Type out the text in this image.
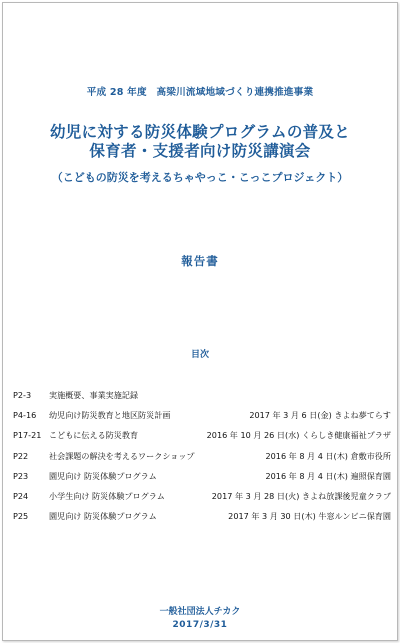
平成 28 年度　高梁川流域地域づくり連携推進事業
幼児に対する防災体験プログラムの普及と
保育者・支援者向け防災講演会
（こどもの防災を考えるちゃやっこ・こっこプロジェクト）
報告書
目次
P2-3 実施概要、事業実施記録
P4-16 幼児向け防災教育と地区防災計画	2017 年 3 月 6 日(金) きよね夢てらす
P17-21 こどもに伝える防災教育	2016 年 10 月 26 日(水) くらしき健康福祉プラザ
P22	社会課題の解決を考えるワークショップ	2016 年 8 月 4 日(木) 倉敷市役所
P23	園児向け 防災体験プログラム	2016 年 8 月 4 日(木) 遍照保育園
P24	小学生向け 防災体験プログラム	2017 年 3 月 28 日(火) きよね放課後児童クラブ
P25	園児向け 防災体験プログラム	2017 年 3 月 30 日(木) 牛窓ルンビニ保育園
一般社団法人チカク
2017/3/31
